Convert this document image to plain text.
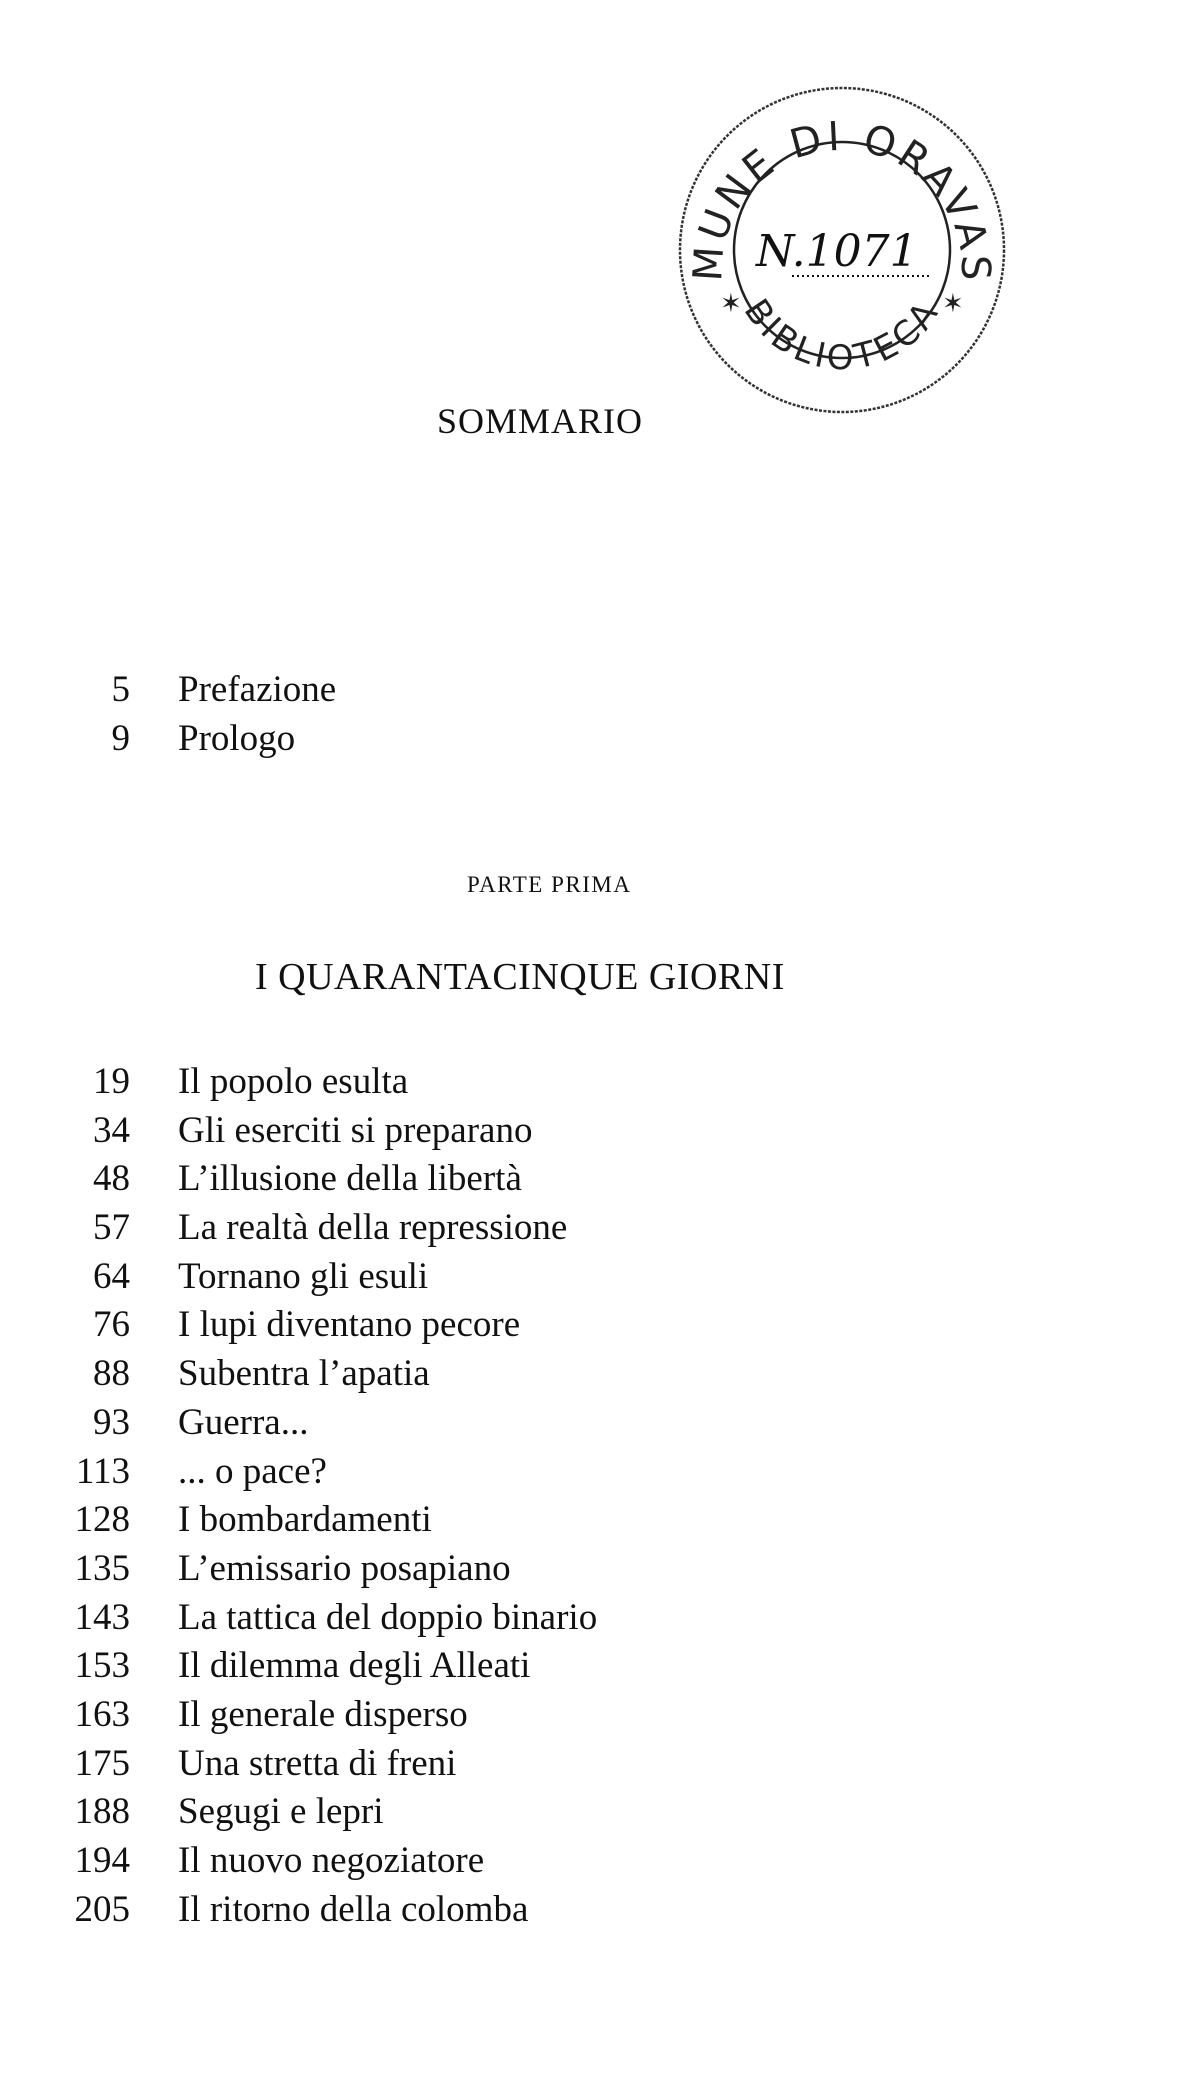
MUNE DI ORAVAS
BIBLIOTECA
✶	✶
N.1071
SOMMARIO
5 Prefazione
9 Prologo
PARTE PRIMA
I QUARANTACINQUE GIORNI
19 Il popolo esulta
34 Gli eserciti si preparano
48 L’illusione della libertà
57 La realtà della repressione
64 Tornano gli esuli
76 I lupi diventano pecore
88 Subentra l’apatia
93 Guerra...
113 ... o pace?
128 I bombardamenti
135 L’emissario posapiano
143 La tattica del doppio binario
153 Il dilemma degli Alleati
163 Il generale disperso
175 Una stretta di freni
188 Segugi e lepri
194 Il nuovo negoziatore
205 Il ritorno della colomba
